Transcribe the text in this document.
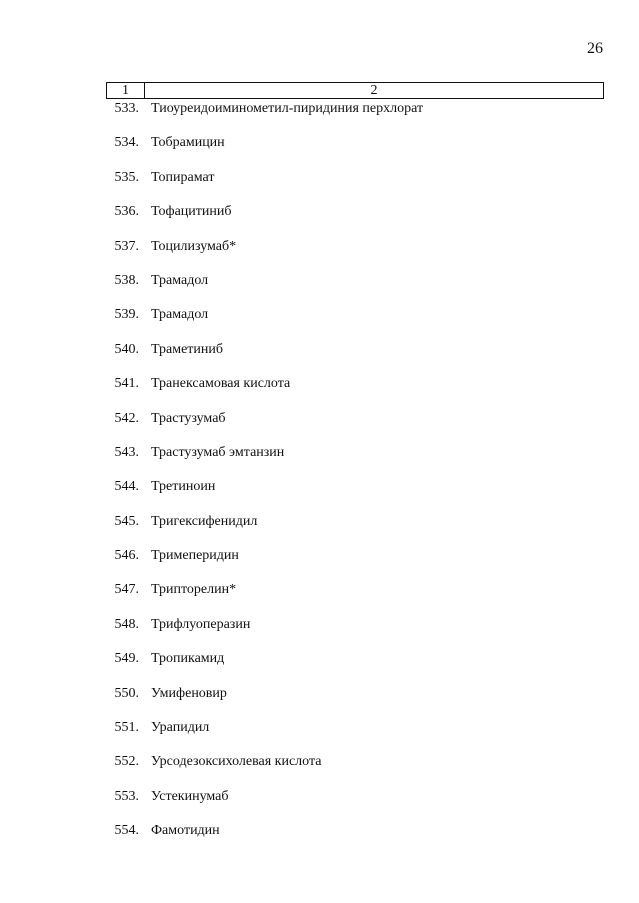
26
1	2
533. Тиоуреидоиминометил-пиридиния перхлорат
534. Тобрамицин
535. Топирамат
536. Тофацитиниб
537. Тоцилизумаб*
538. Трамадол
539. Трамадол
540. Траметиниб
541. Транексамовая кислота
542. Трастузумаб
543. Трастузумаб эмтанзин
544. Третиноин
545. Тригексифенидил
546. Тримеперидин
547. Трипторелин*
548. Трифлуоперазин
549. Тропикамид
550. Умифеновир
551. Урапидил
552. Урсодезоксихолевая кислота
553. Устекинумаб
554. Фамотидин
